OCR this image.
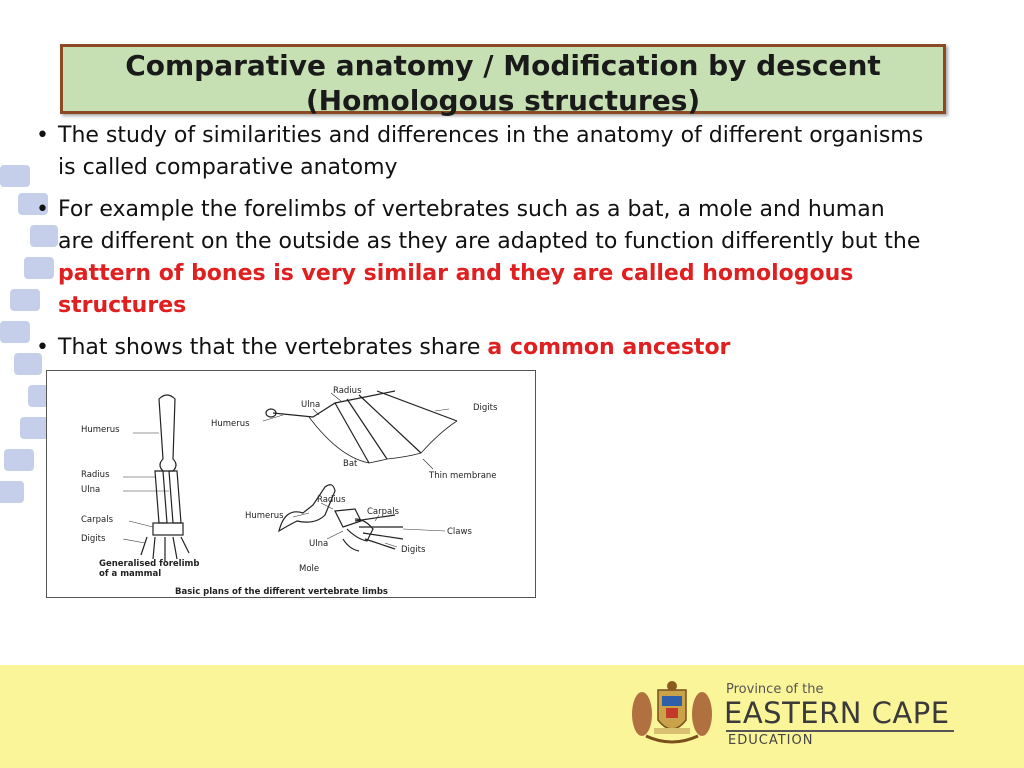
Comparative anatomy / Modification by descent
(Homologous structures)
• The study of similarities and differences in the anatomy of different organisms is called comparative anatomy
• For example the forelimbs of vertebrates such as a bat, a mole and human are different on the outside as they are adapted to function differently but the pattern of bones is very similar and they are called homologous structures
• That shows that the vertebrates share a common ancestor
Humerus
Radius
Ulna
Carpals
Digits
Generalised forelimb
of a mammal
Radius
Ulna
Humerus
Digits
Bat
Thin membrane
Radius
Carpals
Humerus
Claws
Ulna
Digits
Mole
Basic plans of the different vertebrate limbs
Province of the
EASTERN CAPE
EDUCATION
